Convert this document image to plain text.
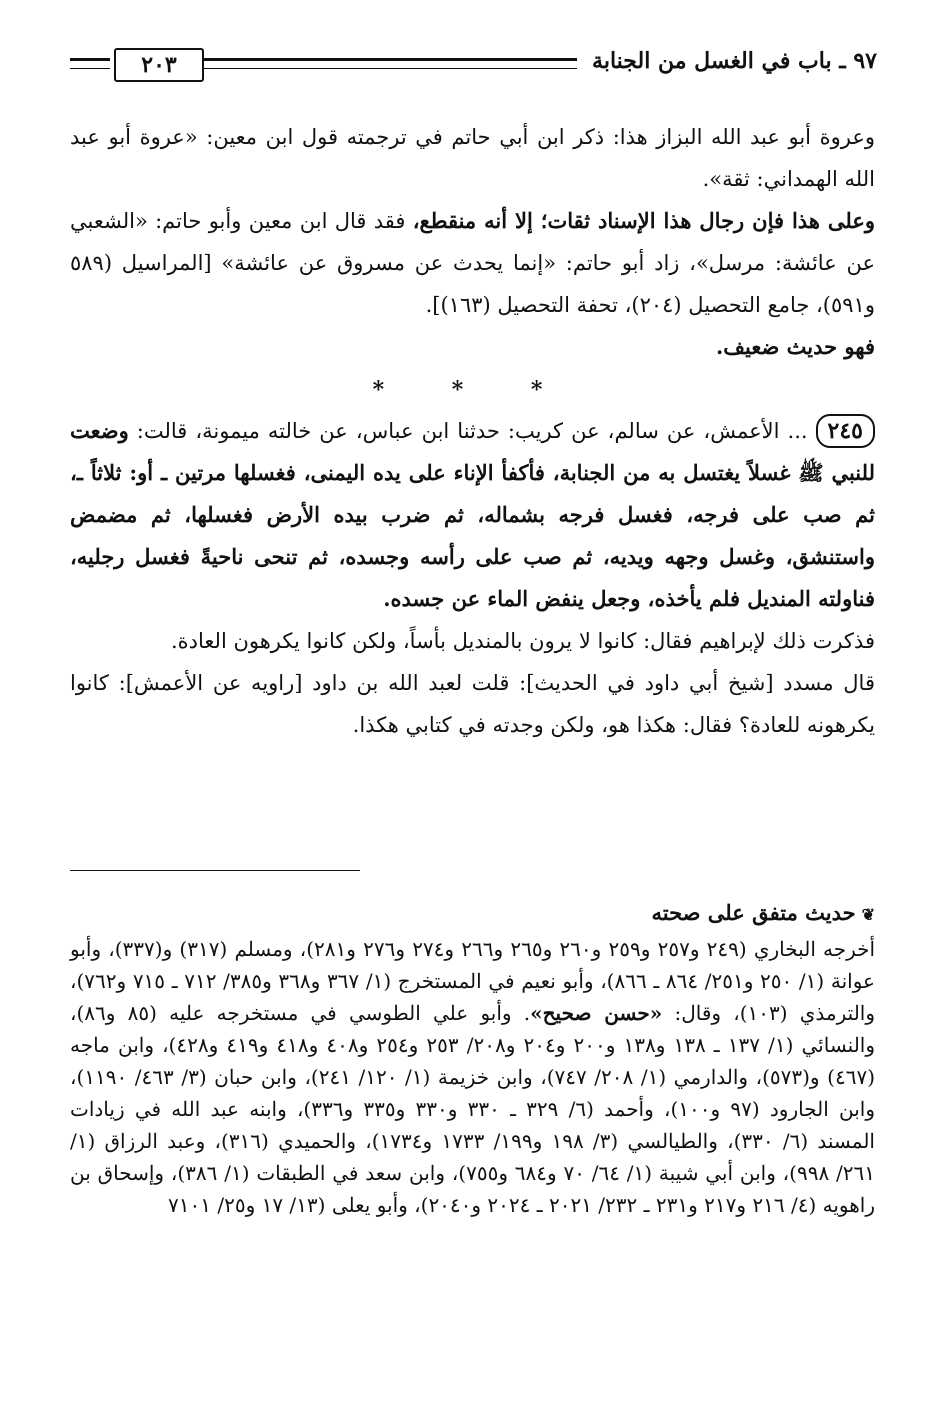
٩٧ ـ باب في الغسل من الجنابة
٢٠٣

وعروة أبو عبد الله البزاز هذا: ذكر ابن أبي حاتم في ترجمته قول ابن معين: «عروة أبو عبد الله الهمداني: ثقة».

وعلى هذا فإن رجال هذا الإسناد ثقات؛ إلا أنه منقطع، فقد قال ابن معين وأبو حاتم: «الشعبي عن عائشة: مرسل»، زاد أبو حاتم: «إنما يحدث عن مسروق عن عائشة» [المراسيل (٥٨٩ و٥٩١)، جامع التحصيل (٢٠٤)، تحفة التحصيل (١٦٣)].

فهو حديث ضعيف.

* * *

٢٤٥... الأعمش، عن سالم، عن كريب: حدثنا ابن عباس، عن خالته ميمونة، قالت: وضعت للنبي ﷺ غسلاً يغتسل به من الجنابة، فأكفأ الإناء على يده اليمنى، فغسلها مرتين ـ أو: ثلاثاً ـ، ثم صب على فرجه، فغسل فرجه بشماله، ثم ضرب بيده الأرض فغسلها، ثم مضمض واستنشق، وغسل وجهه ويديه، ثم صب على رأسه وجسده، ثم تنحى ناحيةً فغسل رجليه، فناولته المنديل فلم يأخذه، وجعل ينفض الماء عن جسده.

فذكرت ذلك لإبراهيم فقال: كانوا لا يرون بالمنديل بأساً، ولكن كانوا يكرهون العادة.

قال مسدد [شيخ أبي داود في الحديث]: قلت لعبد الله بن داود [راويه عن الأعمش]: كانوا يكرهونه للعادة؟ فقال: هكذا هو، ولكن وجدته في كتابي هكذا.

❦حديث متفق على صحته

أخرجه البخاري (٢٤٩ و٢٥٧ و٢٥٩ و٢٦٠ و٢٦٥ و٢٦٦ و٢٧٤ و٢٧٦ و٢٨١)، ومسلم (٣١٧) و(٣٣٧)، وأبو عوانة (١/ ٢٥٠ و٢٥١/ ٨٦٤ ـ ٨٦٦)، وأبو نعيم في المستخرج (١/ ٣٦٧ و٣٦٨ و٣٨٥/ ٧١٢ ـ ٧١٥ و٧٦٢)، والترمذي (١٠٣)، وقال: «حسن صحيح». وأبو علي الطوسي في مستخرجه عليه (٨٥ و٨٦)، والنسائي (١/ ١٣٧ ـ ١٣٨ و١٣٨ و٢٠٠ و٢٠٤ و٢٠٨/ ٢٥٣ و٢٥٤ و٤٠٨ و٤١٨ و٤١٩ و٤٢٨)، وابن ماجه (٤٦٧) و(٥٧٣)، والدارمي (١/ ٢٠٨/ ٧٤٧)، وابن خزيمة (١/ ١٢٠/ ٢٤١)، وابن حبان (٣/ ٤٦٣/ ١١٩٠)، وابن الجارود (٩٧ و١٠٠)، وأحمد (٦/ ٣٢٩ ـ ٣٣٠ و٣٣٠ و٣٣٥ و٣٣٦)، وابنه عبد الله في زيادات المسند (٦/ ٣٣٠)، والطيالسي (٣/ ١٩٨ و١٩٩/ ١٧٣٣ و١٧٣٤)، والحميدي (٣١٦)، وعبد الرزاق (١/ ٢٦١/ ٩٩٨)، وابن أبي شيبة (١/ ٦٤/ ٧٠ و٦٨٤ و٧٥٥)، وابن سعد في الطبقات (١/ ٣٨٦)، وإسحاق بن راهويه (٤/ ٢١٦ و٢١٧ و٢٣١ ـ ٢٣٢/ ٢٠٢١ ـ ٢٠٢٤ و٢٠٤٠)، وأبو يعلى (١٣/ ١٧ و٢٥/ ٧١٠١
